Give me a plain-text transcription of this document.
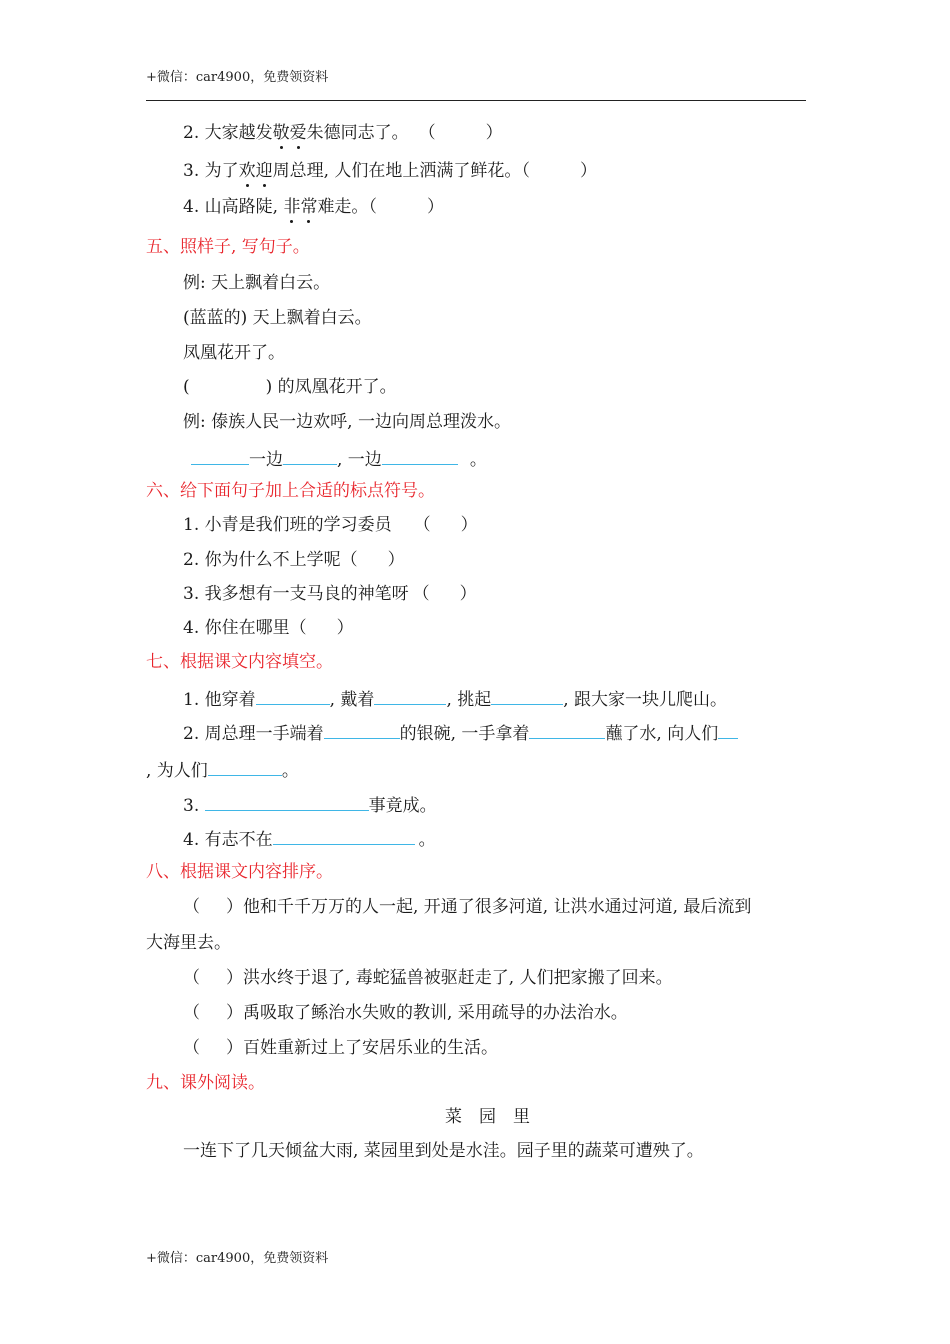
+微信：car4900，免费领资料
2. 大家越发敬爱朱德同志了。 （	）
3. 为了欢迎周总理, 人们在地上洒满了鲜花。（	）
4. 山高路陡, 非常难走。（	）
五、照样子, 写句子。
例: 天上飘着白云。
(蓝蓝的) 天上飘着白云。
凤凰花开了。
(	) 的凤凰花开了。
例: 傣族人民一边欢呼, 一边向周总理泼水。
一边	, 一边	。
六、给下面句子加上合适的标点符号。
1. 小青是我们班的学习委员 （ ）
2. 你为什么不上学呢（ ）
3. 我多想有一支马良的神笔呀 （ ）
4. 你住在哪里（ ）
七、根据课文内容填空。
1. 他穿着	, 戴着	, 挑起	, 跟大家一块儿爬山。
2. 周总理一手端着	的银碗, 一手拿着	蘸了水, 向人们
, 为人们	。
3.	事竟成。
4. 有志不在	。
八、根据课文内容排序。
（ ）他和千千万万的人一起, 开通了很多河道, 让洪水通过河道, 最后流到
大海里去。
（ ）洪水终于退了, 毒蛇猛兽被驱赶走了, 人们把家搬了回来。
（ ）禹吸取了鲧治水失败的教训, 采用疏导的办法治水。
（ ）百姓重新过上了安居乐业的生活。
九、课外阅读。
菜　园　里
一连下了几天倾盆大雨, 菜园里到处是水洼。园子里的蔬菜可遭殃了。
+微信：car4900，免费领资料
